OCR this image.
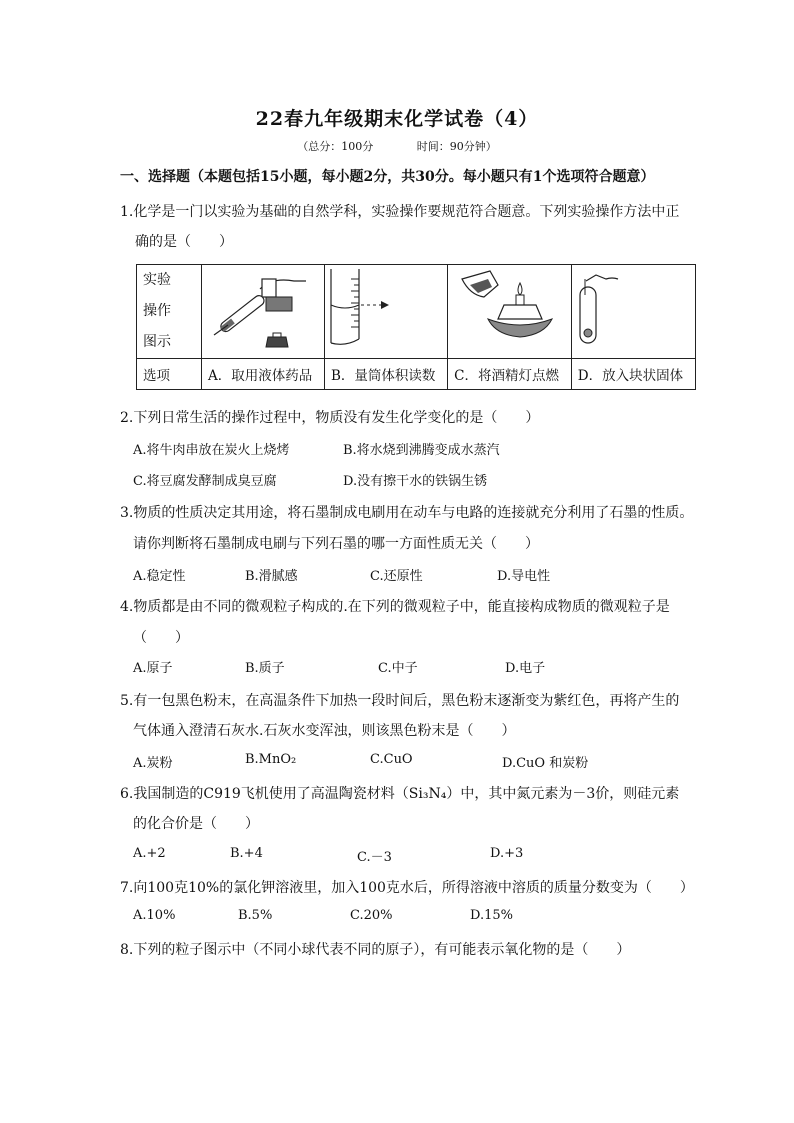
22春九年级期末化学试卷（4）
（总分：100分	时间：90分钟）
一、选择题（本题包括15小题，每小题2分，共30分。每小题只有1个选项符合题意）
1.化学是一门以实验为基础的自然学科，实验操作要规范符合题意。下列实验操作方法中正
确的是（　　）
实验
操作
图示

选项	A．取用液体药品	B．量筒体积读数	C．将酒精灯点燃	D．放入块状固体
2.下列日常生活的操作过程中，物质没有发生化学变化的是（　　）
A.将牛肉串放在炭火上烧烤	B.将水烧到沸腾变成水蒸汽
C.将豆腐发酵制成臭豆腐	D.没有擦干水的铁锅生锈
3.物质的性质决定其用途，将石墨制成电刷用在动车与电路的连接就充分利用了石墨的性质。
请你判断将石墨制成电刷与下列石墨的哪一方面性质无关（　　）
A.稳定性	B.滑腻感	C.还原性	D.导电性
4.物质都是由不同的微观粒子构成的.在下列的微观粒子中，能直接构成物质的微观粒子是
（　　）
A.原子	B.质子	C.中子	D.电子
5.有一包黑色粉末，在高温条件下加热一段时间后，黑色粉末逐渐变为紫红色，再将产生的
气体通入澄清石灰水.石灰水变浑浊，则该黑色粉末是（　　）
A.炭粉	B.MnO₂	C.CuO	D.CuO 和炭粉
6.我国制造的C919飞机使用了高温陶瓷材料（Si₃N₄）中，其中氮元素为－3价，则硅元素
的化合价是（　　）
A.+2	B.+4	C.－3	D.+3
7.向100克10%的氯化钾溶液里，加入100克水后，所得溶液中溶质的质量分数变为（　　）
A.10%	B.5%	C.20%	D.15%
8.下列的粒子图示中（不同小球代表不同的原子），有可能表示氧化物的是（　　）
